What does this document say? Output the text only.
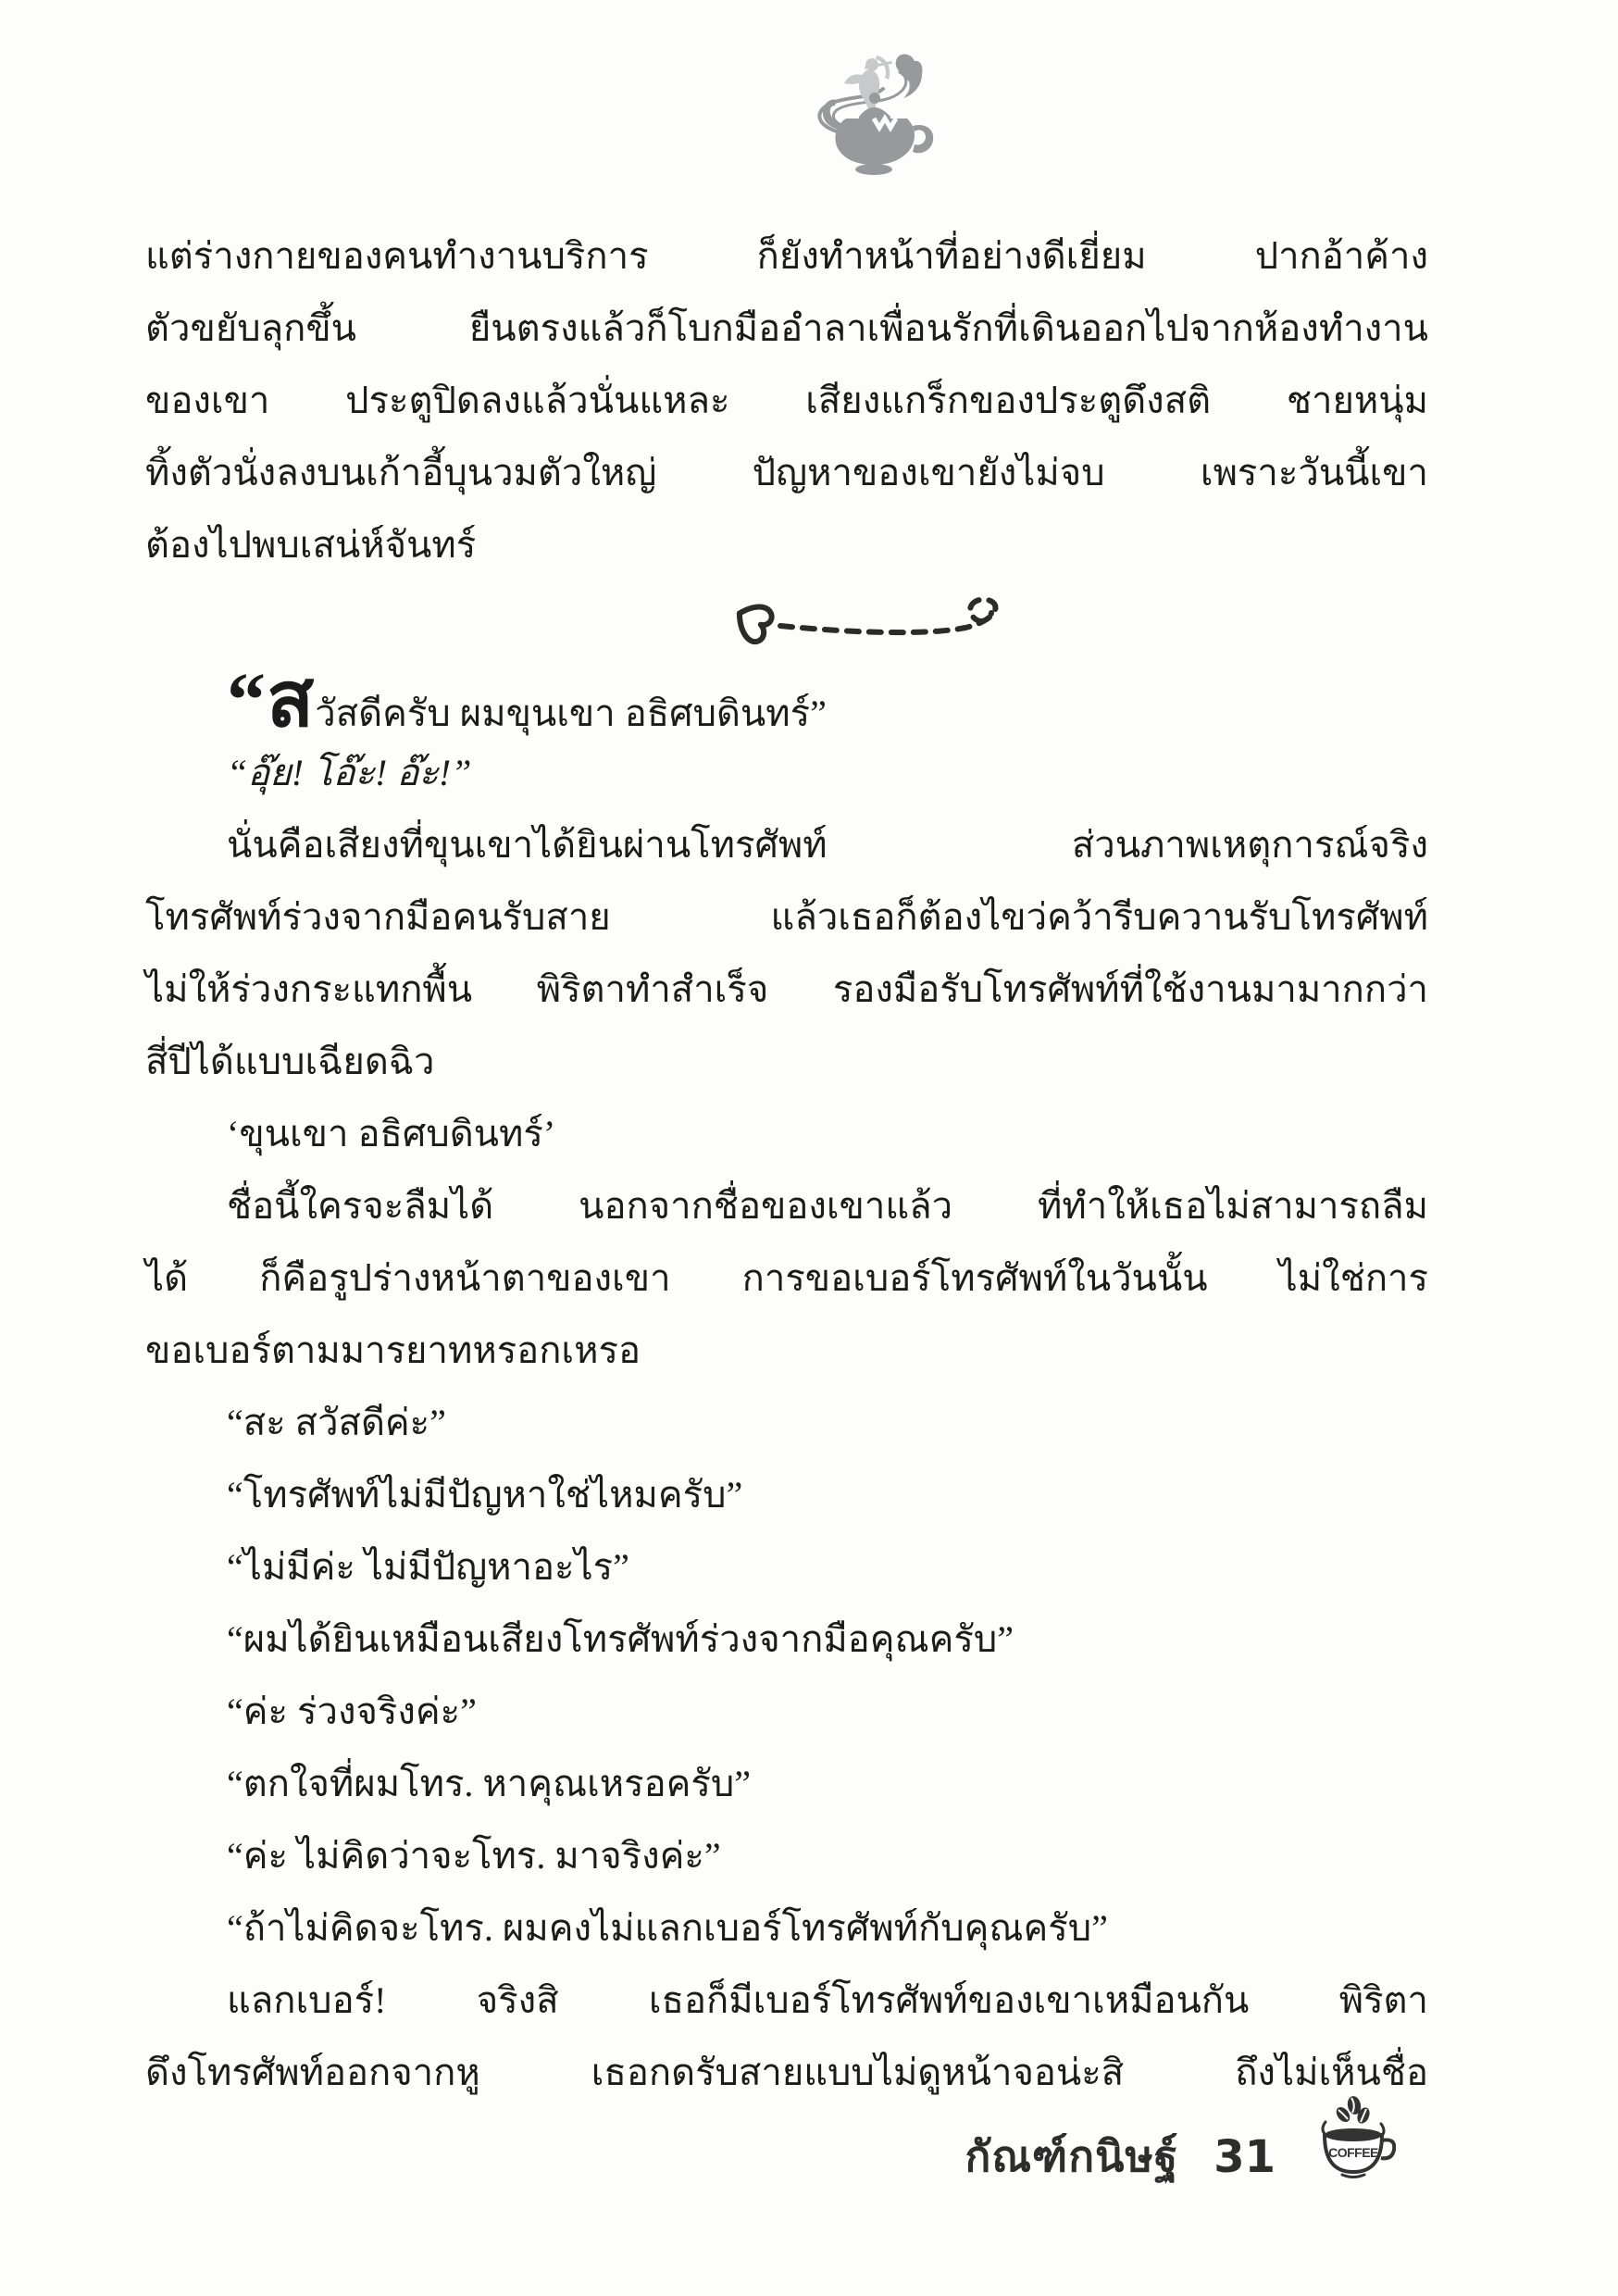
แต่ร่างกายของคนทำงานบริการ ก็ยังทำหน้าที่อย่างดีเยี่ยม ปากอ้าค้าง
ตัวขยับลุกขึ้น ยืนตรงแล้วก็โบกมืออำลาเพื่อนรักที่เดินออกไปจากห้องทำงาน
ของเขา ประตูปิดลงแล้วนั่นแหละ เสียงแกร็กของประตูดึงสติ ชายหนุ่ม
ทิ้งตัวนั่งลงบนเก้าอี้บุนวมตัวใหญ่ ปัญหาของเขายังไม่จบ เพราะวันนี้เขา
ต้องไปพบเสน่ห์จันทร์
“สวัสดีครับ ผมขุนเขา อธิศบดินทร์”
“อุ๊ย! โอ๊ะ! อ๊ะ!”
นั่นคือเสียงที่ขุนเขาได้ยินผ่านโทรศัพท์ ส่วนภาพเหตุการณ์จริง
โทรศัพท์ร่วงจากมือคนรับสาย แล้วเธอก็ต้องไขว่คว้ารีบควานรับโทรศัพท์
ไม่ให้ร่วงกระแทกพื้น พิริตาทำสำเร็จ รองมือรับโทรศัพท์ที่ใช้งานมามากกว่า
สี่ปีได้แบบเฉียดฉิว
‘ขุนเขา อธิศบดินทร์’
ชื่อนี้ใครจะลืมได้ นอกจากชื่อของเขาแล้ว ที่ทำให้เธอไม่สามารถลืม
ได้ ก็คือรูปร่างหน้าตาของเขา การขอเบอร์โทรศัพท์ในวันนั้น ไม่ใช่การ
ขอเบอร์ตามมารยาทหรอกเหรอ
“สะ สวัสดีค่ะ”
“โทรศัพท์ไม่มีปัญหาใช่ไหมครับ”
“ไม่มีค่ะ ไม่มีปัญหาอะไร”
“ผมได้ยินเหมือนเสียงโทรศัพท์ร่วงจากมือคุณครับ”
“ค่ะ ร่วงจริงค่ะ”
“ตกใจที่ผมโทร. หาคุณเหรอครับ”
“ค่ะ ไม่คิดว่าจะโทร. มาจริงค่ะ”
“ถ้าไม่คิดจะโทร. ผมคงไม่แลกเบอร์โทรศัพท์กับคุณครับ”
แลกเบอร์! จริงสิ เธอก็มีเบอร์โทรศัพท์ของเขาเหมือนกัน พิริตา
ดึงโทรศัพท์ออกจากหู เธอกดรับสายแบบไม่ดูหน้าจอน่ะสิ ถึงไม่เห็นชื่อ
กัณฑ์กนิษฐ์ 31	COFFEE
